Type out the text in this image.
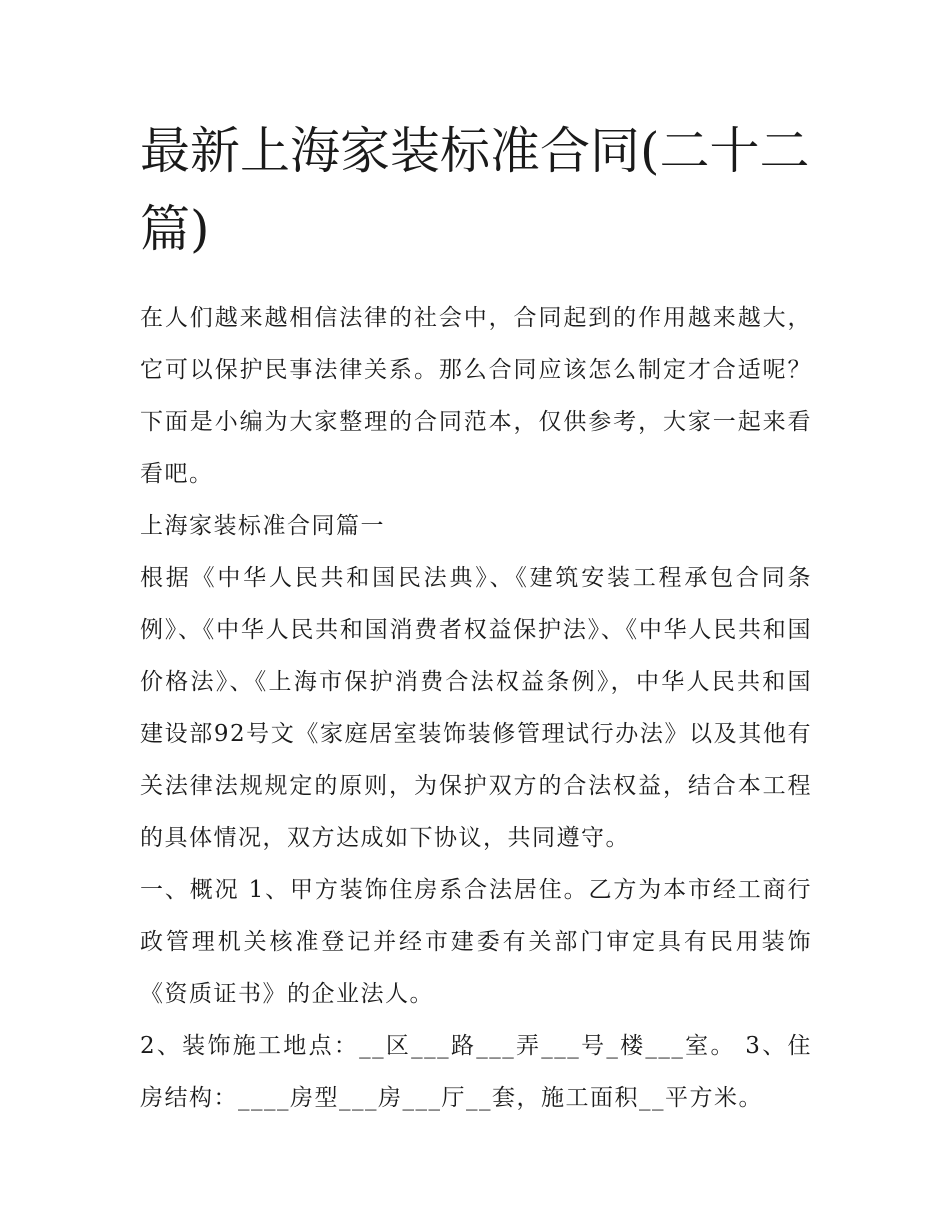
最新上海家装标准合同(二十二篇)

在人们越来越相信法律的社会中，合同起到的作用越来越大，它可以保护民事法律关系。那么合同应该怎么制定才合适呢？下面是小编为大家整理的合同范本，仅供参考，大家一起来看看吧。

上海家装标准合同篇一

根据《中华人民共和国民法典》、《建筑安装工程承包合同条例》、《中华人民共和国消费者权益保护法》、《中华人民共和国价格法》、《上海市保护消费合法权益条例》，中华人民共和国建设部92号文《家庭居室装饰装修管理试行办法》以及其他有关法律法规规定的原则，为保护双方的合法权益，结合本工程的具体情况，双方达成如下协议，共同遵守。

一、概况 1、甲方装饰住房系合法居住。乙方为本市经工商行政管理机关核准登记并经市建委有关部门审定具有民用装饰《资质证书》的企业法人。

2、装饰施工地点：__区___路___弄___号_楼___室。 3、住房结构：____房型___房___厅__套，施工面积__平方米。
